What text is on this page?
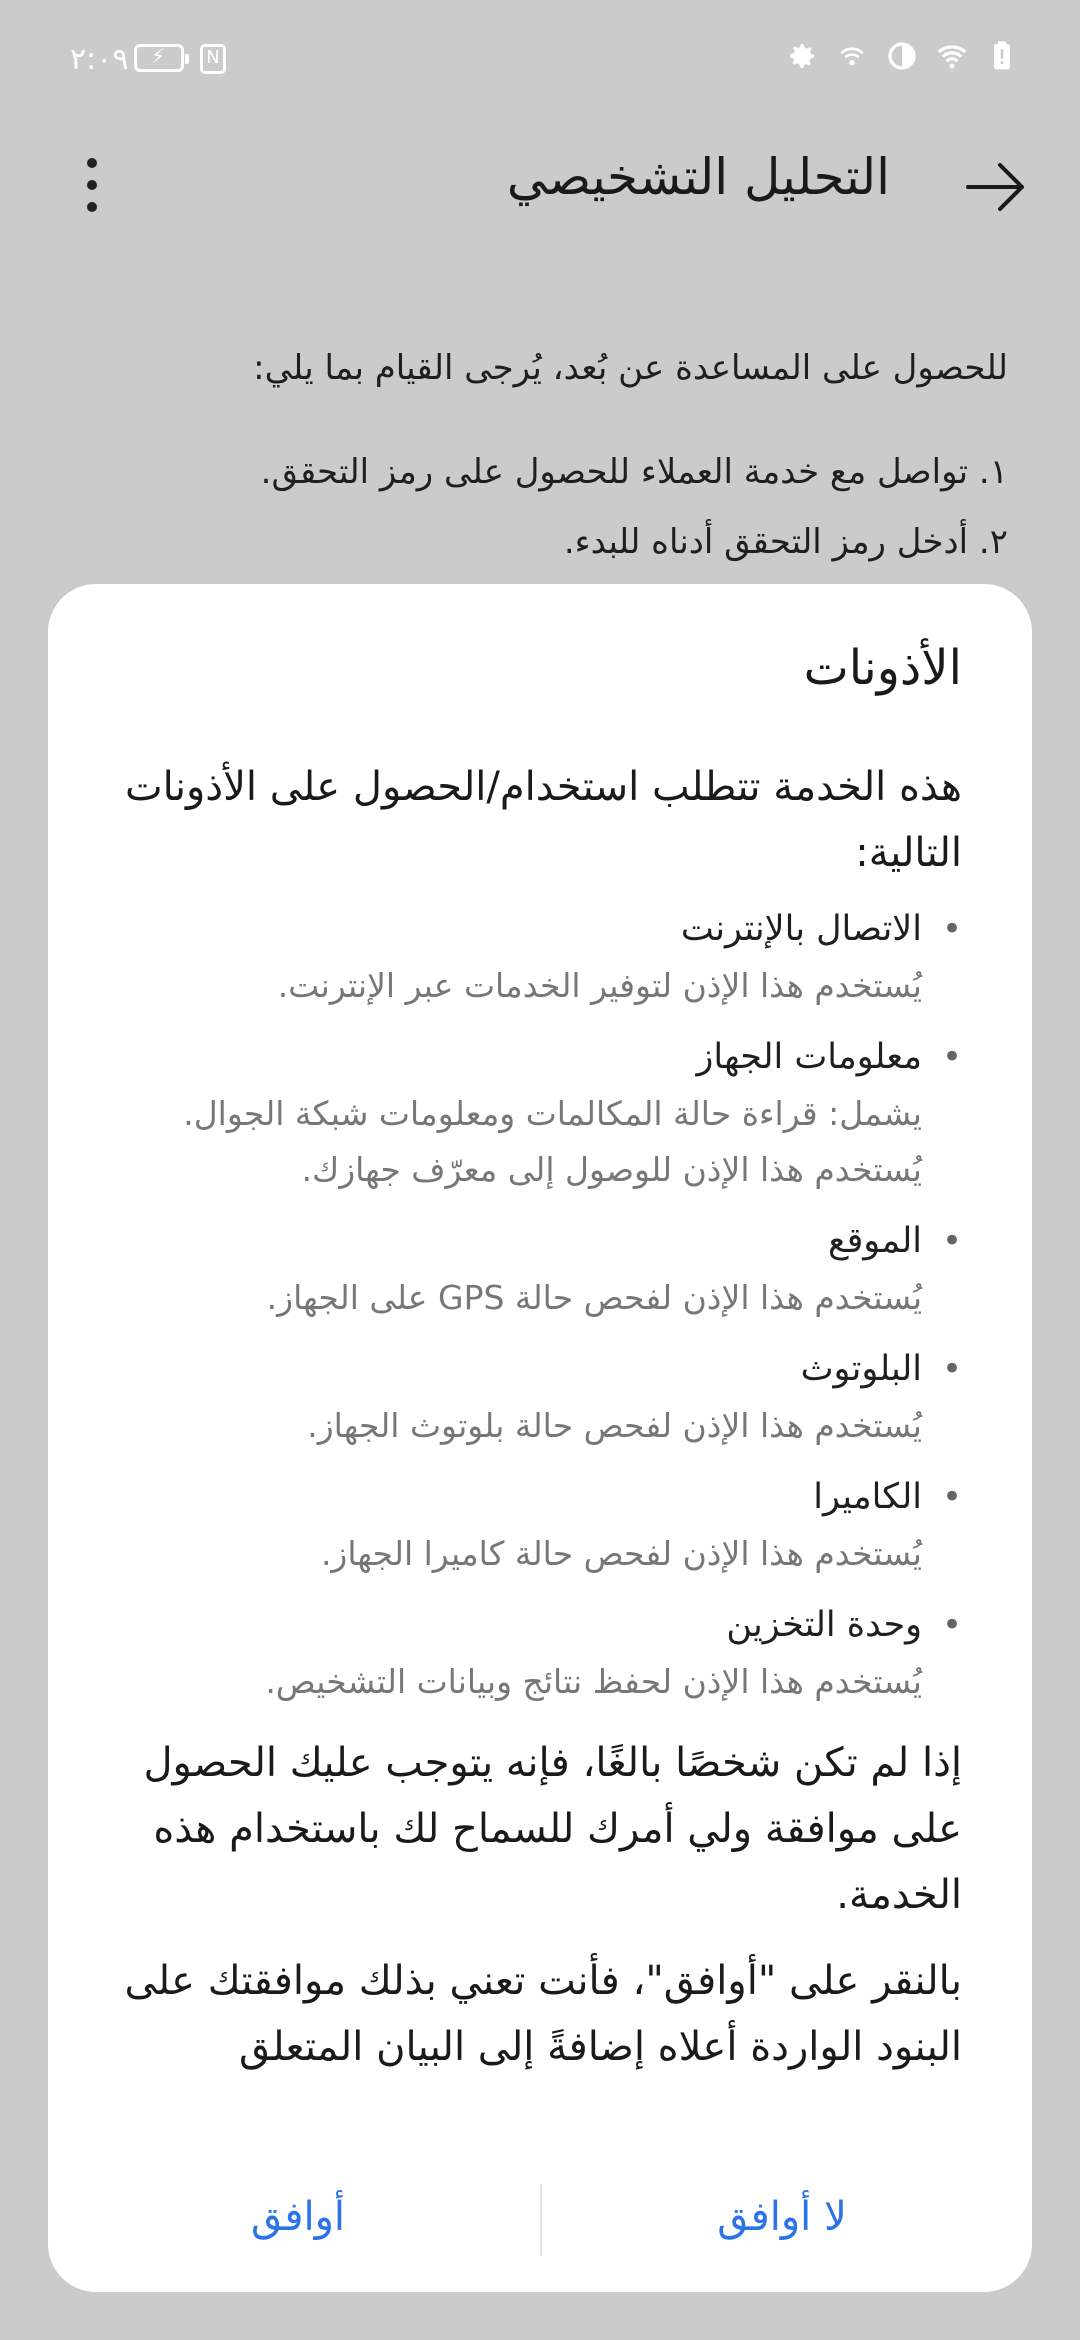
٢:٠٩ ⚡	N
التحليل التشخيصي
للحصول على المساعدة عن بُعد، يُرجى القيام بما يلي:
١. تواصل مع خدمة العملاء للحصول على رمز التحقق.
٢. أدخل رمز التحقق أدناه للبدء.
الأذونات
هذه الخدمة تتطلب استخدام/الحصول على الأذونات التالية:
• الاتصال بالإنترنت
يُستخدم هذا الإذن لتوفير الخدمات عبر الإنترنت.
• معلومات الجهاز
يشمل: قراءة حالة المكالمات ومعلومات شبكة الجوال.
يُستخدم هذا الإذن للوصول إلى معرّف جهازك.
• الموقع
يُستخدم هذا الإذن لفحص حالة GPS على الجهاز.
• البلوتوث
يُستخدم هذا الإذن لفحص حالة بلوتوث الجهاز.
• الكاميرا
يُستخدم هذا الإذن لفحص حالة كاميرا الجهاز.
• وحدة التخزين
يُستخدم هذا الإذن لحفظ نتائج وبيانات التشخيص.
إذا لم تكن شخصًا بالغًا، فإنه يتوجب عليك الحصول على موافقة ولي أمرك للسماح لك باستخدام هذه الخدمة.
بالنقر على "أوافق"، فأنت تعني بذلك موافقتك على البنود الواردة أعلاه إضافةً إلى البيان المتعلق
أوافق	لا أوافق
